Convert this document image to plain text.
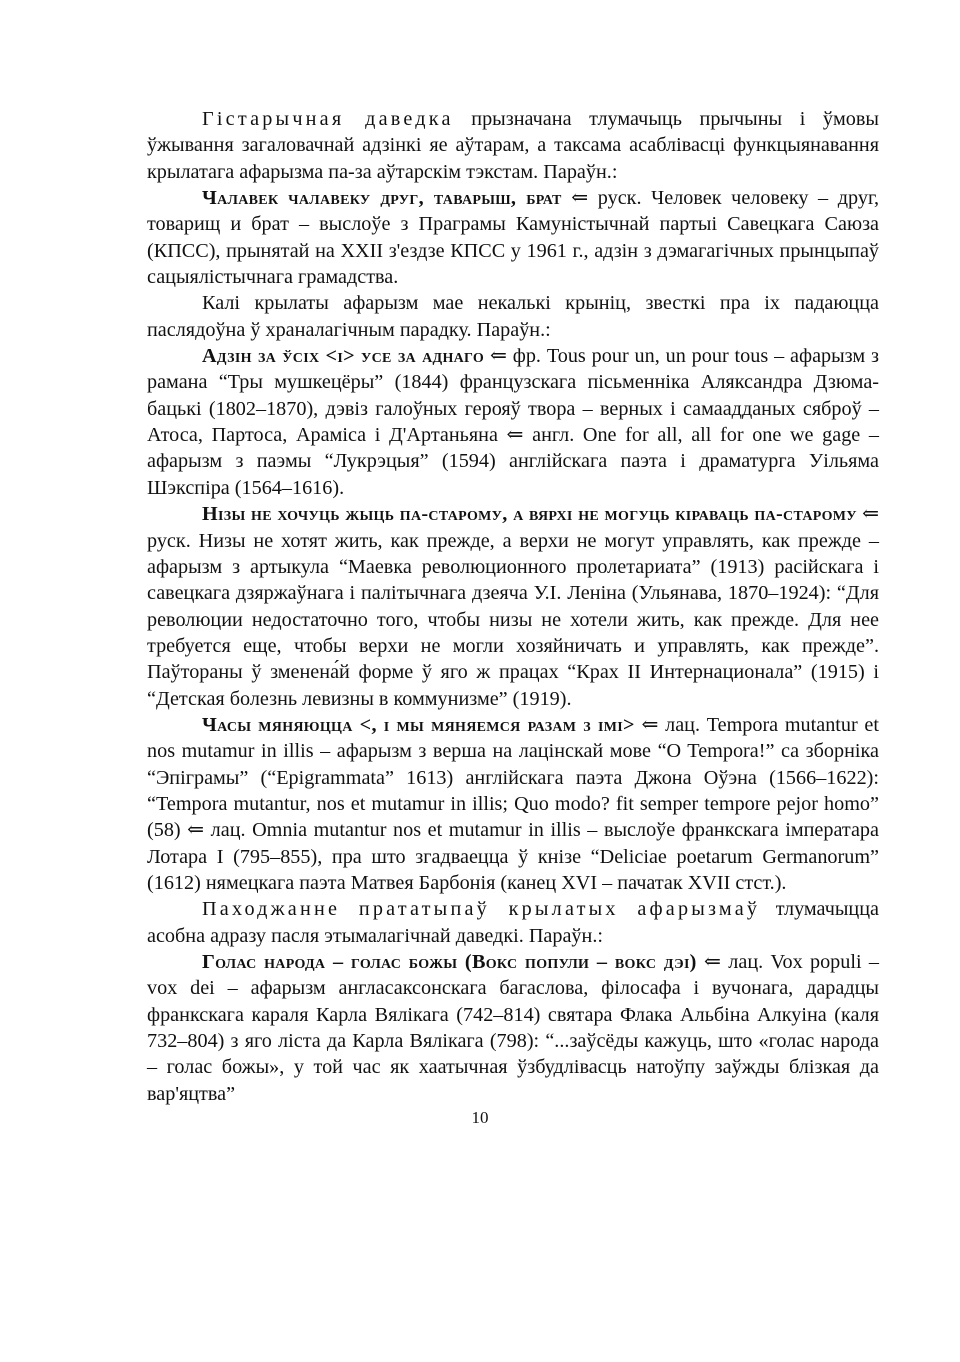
Гістарычная даведка прызначана тлумачыць прычыны і ўмовы ўжывання загаловачнай адзінкі яе аўтарам, а таксама асаблівасці функцыянавання крылатага афарызма па-за аўтарскім тэкстам. Параўн.:

Чалавек чалавеку друг, таварыш, брат ⇐ руск. Человек человеку – друг, товарищ и брат – выслоўе з Праграмы Камуністычнай партыі Савецкага Саюза (КПСС), прынятай на XXII з'ездзе КПСС у 1961 г., адзін з дэмагагічных прынцыпаў сацыялістычнага грамадства.

Калі крылаты афарызм мае некалькі крыніц, звесткі пра іх падаюцца паслядоўна ў храналагічным парадку. Параўн.:

Адзін за ўсіх <і> усе за аднаго ⇐ фр. Tous pour un, un pour tous – афарызм з рамана “Тры мушкецёры” (1844) французскага пісьменніка Аляксандра Дзюма-бацькі (1802–1870), дэвіз галоўных герояў твора – верных і самаадданых сяброў – Атоса, Партоса, Араміса і Д'Артаньяна ⇐ англ. One for all, all for one we gage – афарызм з паэмы “Лукрэцыя” (1594) англійскага паэта і драматурга Уільяма Шэкспіра (1564–1616).

Нізы не хочуць жыць па-старому, а вярхі не могуць кіраваць па-старому ⇐ руск. Низы не хотят жить, как прежде, а верхи не могут управлять, как прежде – афарызм з артыкула “Маевка революционного пролетариата” (1913) расійскага і савецкага дзяржаўнага і палітычнага дзеяча У.І. Леніна (Ульянава, 1870–1924): “Для революции недостаточно того, чтобы низы не хотели жить, как прежде. Для нее требуется еще, чтобы верхи не могли хозяйничать и управлять, как прежде”. Паўтораны ў зменена́й форме ў яго ж працах “Крах II Интернационала” (1915) і “Детская болезнь левизны в коммунизме” (1919).

Часы мяняюцца <, і мы мяняемся разам з імі> ⇐ лац. Tempora mutantur et nos mutamur in illis – афарызм з верша на лацінскай мове “O Tempora!” са зборніка “Эпіграмы” (“Epigrammata” 1613) англійскага паэта Джона Оўэна (1566–1622): “Tempora mutantur, nos et mutamur in illis; Quo modo? fit semper tempore pejor homo” (58) ⇐ лац. Omnia mutantur nos et mutamur in illis – выслоўе франкскага імператара Лотара I (795–855), пра што згадваецца ў кнізе “Deliciae poetarum Germanorum” (1612) нямецкага паэта Матвея Барбонія (канец XVI – пачатак XVII стст.).

Паходжанне прататыпаў крылатых афарызмаў тлумачыцца асобна адразу пасля этымалагічнай даведкі. Параўн.:

Голас народа – голас божы (Вокс попули – вокс дэі) ⇐ лац. Vox populi – vox dei – афарызм англасаксонскага багаслова, філосафа і вучонага, дарадцы франкскага караля Карла Вялікага (742–814) святара Флака Альбіна Алкуіна (каля 732–804) з яго ліста да Карла Вялікага (798): “...заўсёды кажуць, што «голас народа – голас божы», у той час як хаатычная ўзбудлівасць натоўпу заўжды блізкая да вар'яцтва”

10
